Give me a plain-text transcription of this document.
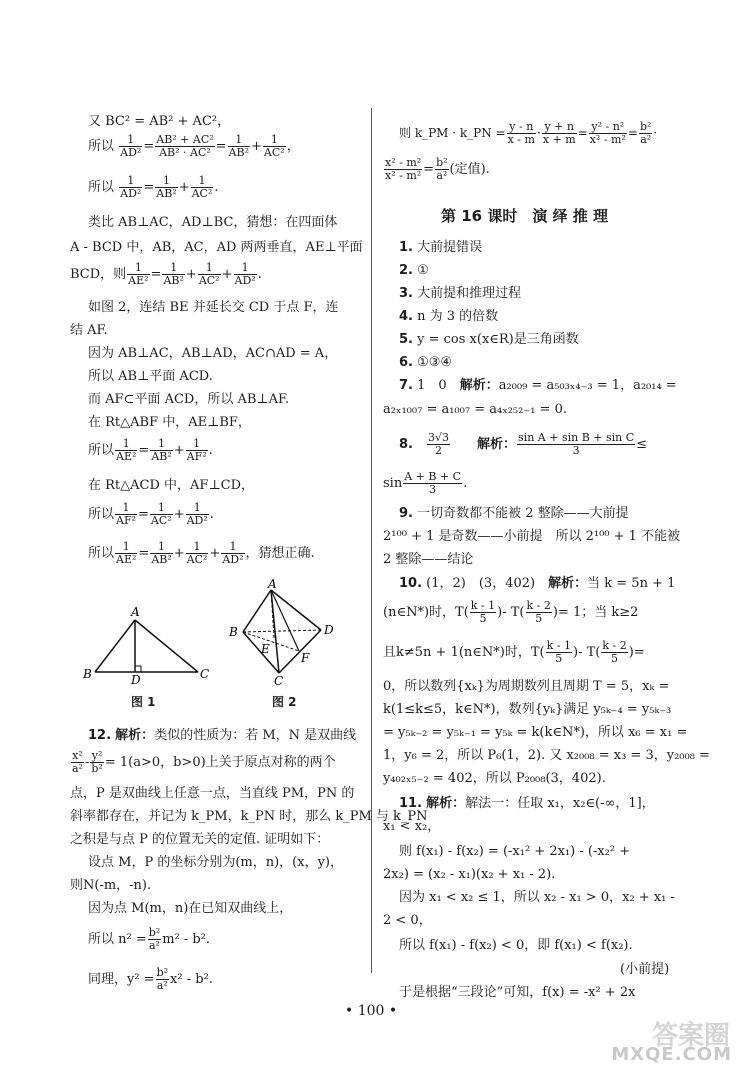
又 BC² = AB² + AC²，
所以 $\frac{1}{\text{AD²}} = \frac{\text{AB² + AC²}}{\text{AB² · AC²}} = \frac{1}{\text{AB²}} + \frac{1}{\text{AC²}}$ ，
所以 $\frac{1}{\text{AD²}} = \frac{1}{\text{AB²}} + \frac{1}{\text{AC²}}$ .
类比 AB⊥AC，AD⊥BC，猜想：在四面体
A - BCD 中，AB，AC，AD 两两垂直，AE⊥平面
BCD，则 $\frac{1}{\text{AE²}} = \frac{1}{\text{AB²}} + \frac{1}{\text{AC²}} + \frac{1}{\text{AD²}}$ .
如图 2，连结 BE 并延长交 CD 于点 F，连
结 AF.
因为 AB⊥AC，AB⊥AD，AC∩AD = A，
所以 AB⊥平面 ACD.
而 AF⊂平面 ACD，所以 AB⊥AF.
在 Rt△ABF 中，AE⊥BF，
所以 $\frac{1}{\text{AE²}} = \frac{1}{\text{AB²}} + \frac{1}{\text{AF²}}$ .
在 Rt△ACD 中，AF⊥CD，
所以 $\frac{1}{\text{AF²}} = \frac{1}{\text{AC²}} + \frac{1}{\text{AD²}}$ .
所以 $\frac{1}{\text{AE²}} = \frac{1}{\text{AB²}} + \frac{1}{\text{AC²}} + \frac{1}{\text{AD²}}$ ，猜想正确.
A
B	C
D
图 1
A
B
C
D
E
F
图 2
12. 解析：类似的性质为：若 M，N 是双曲线
$\frac{\text{x²}}{\text{a²}} - \frac{\text{y²}}{\text{b²}} = 1(a>0$，b>0)上关于原点对称的两个
点，P 是双曲线上任意一点，当直线 PM，PN 的
斜率都存在，并记为 k_PM，k_PN 时，那么 k_PM 与 k_PN
之积是与点 P 的位置无关的定值. 证明如下：
设点 M，P 的坐标分别为(m，n)，(x，y)，
则N(-m，-n).
因为点 M(m，n)在已知双曲线上，
所以 $n^2 = \frac{\text{b²}}{\text{a²}} m^2 - b^2$.
同理，$y^2 = \frac{\text{b²}}{\text{a²}} x^2 - b^2$.
则 k_PM · k_PN = $\frac{y - n}{x - m} \cdot \frac{y + n}{x + m} = \frac{\text{y² - n²}}{\text{x² - m²}} = \frac{\text{b²}}{\text{a²}}$ ·
$\frac{\text{x² - m²}}{\text{x² - m²}} = \frac{\text{b²}}{\text{a²}}$ (定值).
第 16 课时　演 绎 推 理
1. 大前提错误
2. ①
3. 大前提和推理过程
4. n 为 3 的倍数
5. y = cos x(x∈R)是三角函数
6. ①③④
7. 1　0　 解析：a₂₀₀₉ = a₅₀₃ₓ₄₋₃ = 1，a₂₀₁₄ =
a₂ₓ₁₀₀₇ = a₁₀₀₇ = a₄ₓ₂₅₂₋₁ = 0.
8.　 $\frac{3√3}{2}$
　　 解析： $\frac{\text{sin A + sin B + sin C}}{3}$ ≤
$\sin \frac{A + B + C}{3}$ .
9. 一切奇数都不能被 2 整除——大前提
2¹⁰⁰ + 1 是奇数——小前提　所以 2¹⁰⁰ + 1 不能被
2 整除——结论
10. (1，2)　(3，402)　 解析：当 k = 5n + 1
(n∈N*)时，$T( \frac{k - 1}{5}$ )- $T( \frac{k - 2}{5}$ )= 1；当 k≥2
且k≠5n + 1(n∈N*)时，$T( \frac{k - 1}{5}$ )- $T( \frac{k - 2}{5}$ )=
0，所以数列{xₖ}为周期数列且周期 T = 5，xₖ =
k(1≤k≤5，k∈N*)，数列{yₖ}满足 y₅ₖ₋₄ = y₅ₖ₋₃
= y₅ₖ₋₂ = y₅ₖ₋₁ = y₅ₖ = k(k∈N*)，所以 x₆ = x₁ =
1，y₆ = 2，所以 P₆(1，2). 又 x₂₀₀₈ = x₃ = 3，y₂₀₀₈ =
y₄₀₂ₓ₅₋₂ = 402，所以 P₂₀₀₈(3，402).
11. 解析：解法一：任取 x₁，x₂∈(-∞，1]，
x₁ < x₂，
则 f(x₁) - f(x₂) = (-x₁² + 2x₁) - (-x₂² +
2x₂) = (x₂ - x₁)(x₂ + x₁ - 2).
因为 x₁ < x₂ ≤ 1，所以 x₂ - x₁ > 0，x₂ + x₁ -
2 < 0，
所以 f(x₁) - f(x₂) < 0，即 f(x₁) < f(x₂).
(小前提)
于是根据“三段论”可知，f(x) = -x² + 2x
• 100 •
答案圈
MXQE.COM
